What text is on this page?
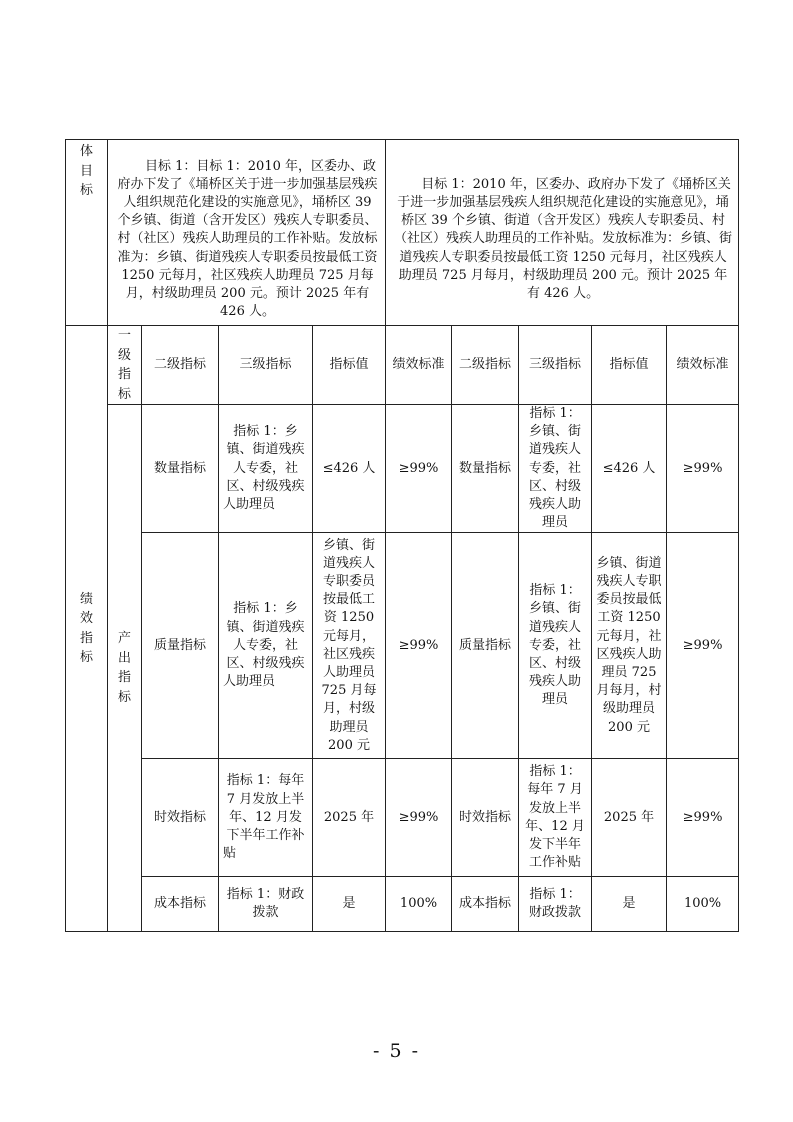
体目标	目标 1：目标 1：2010 年，区委办、政府办下发了《埇桥区关于进一步加强基层残疾人组织规范化建设的实施意见》，埇桥区 39 个乡镇、街道（含开发区）残疾人专职委员、村（社区）残疾人助理员的工作补贴。发放标准为：乡镇、街道残疾人专职委员按最低工资 1250 元每月，社区残疾人助理员 725 月每月，村级助理员 200 元。预计 2025 年有 426 人。				目标 1：2010 年，区委办、政府办下发了《埇桥区关于进一步加强基层残疾人组织规范化建设的实施意见》，埇桥区 39 个乡镇、街道（含开发区）残疾人专职委员、村（社区）残疾人助理员的工作补贴。发放标准为：乡镇、街道残疾人专职委员按最低工资 1250 元每月，社区残疾人助理员 725 月每月，村级助理员 200 元。预计 2025 年有 426 人。				

绩效指标	一级指标	二级指标	三级指标	指标值	绩效标准	二级指标	三级指标	指标值	绩效标准
	产出指标	数量指标	指标 1：乡镇、街道残疾人专委，社区、村级残疾人助理员	≤426 人	≥99%	数量指标	指标 1：乡镇、街道残疾人专委，社区、村级残疾人助理员	≤426 人	≥99%
		质量指标	指标 1：乡镇、街道残疾人专委，社区、村级残疾人助理员	乡镇、街道残疾人专职委员按最低工资 1250 元每月，社区残疾人助理员 725 月每月，村级助理员 200 元	≥99%	质量指标	指标 1：乡镇、街道残疾人专委，社区、村级残疾人助理员	乡镇、街道残疾人专职委员按最低工资 1250 元每月，社区残疾人助理员 725 月每月，村级助理员 200 元	≥99%
		时效指标	指标 1：每年 7 月发放上半年、12 月发下半年工作补贴	2025 年	≥99%	时效指标	指标 1：每年 7 月发放上半年、12 月发下半年工作补贴	2025 年	≥99%
		成本指标	指标 1：财政拨款	是	100%	成本指标	指标 1：财政拨款	是	100%
- 5 -
